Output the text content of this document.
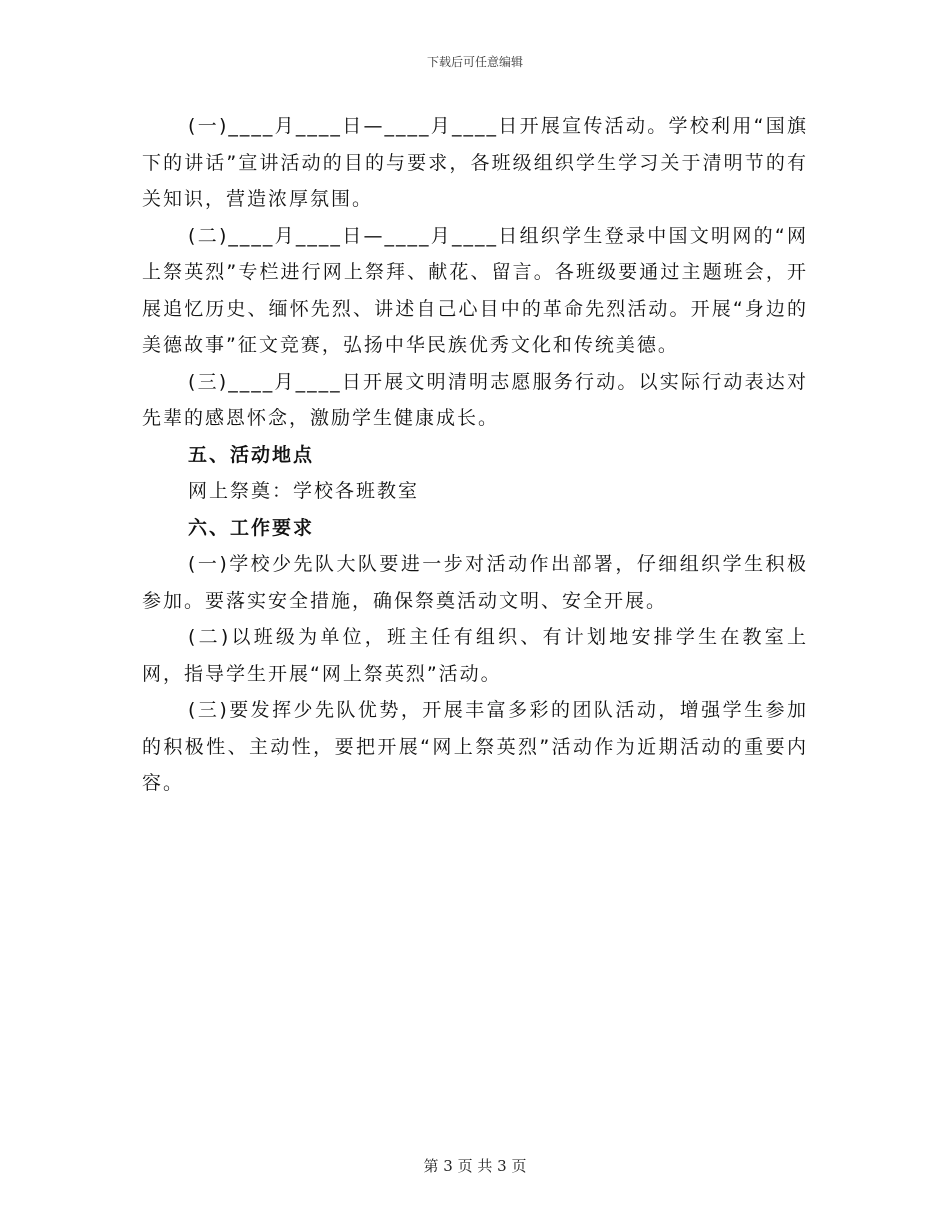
下载后可任意编辑

(一)____月____日—____月____日开展宣传活动。学校利用“国旗下的讲话”宣讲活动的目的与要求，各班级组织学生学习关于清明节的有关知识，营造浓厚氛围。

(二)____月____日—____月____日组织学生登录中国文明网的“网上祭英烈”专栏进行网上祭拜、献花、留言。各班级要通过主题班会，开展追忆历史、缅怀先烈、讲述自己心目中的革命先烈活动。开展“身边的美德故事”征文竞赛，弘扬中华民族优秀文化和传统美德。

(三)____月____日开展文明清明志愿服务行动。以实际行动表达对先辈的感恩怀念，激励学生健康成长。

五、活动地点

网上祭奠：学校各班教室

六、工作要求

(一)学校少先队大队要进一步对活动作出部署，仔细组织学生积极参加。要落实安全措施，确保祭奠活动文明、安全开展。

(二)以班级为单位，班主任有组织、有计划地安排学生在教室上网，指导学生开展“网上祭英烈”活动。

(三)要发挥少先队优势，开展丰富多彩的团队活动，增强学生参加的积极性、主动性，要把开展“网上祭英烈”活动作为近期活动的重要内容。

第 3 页 共 3 页
